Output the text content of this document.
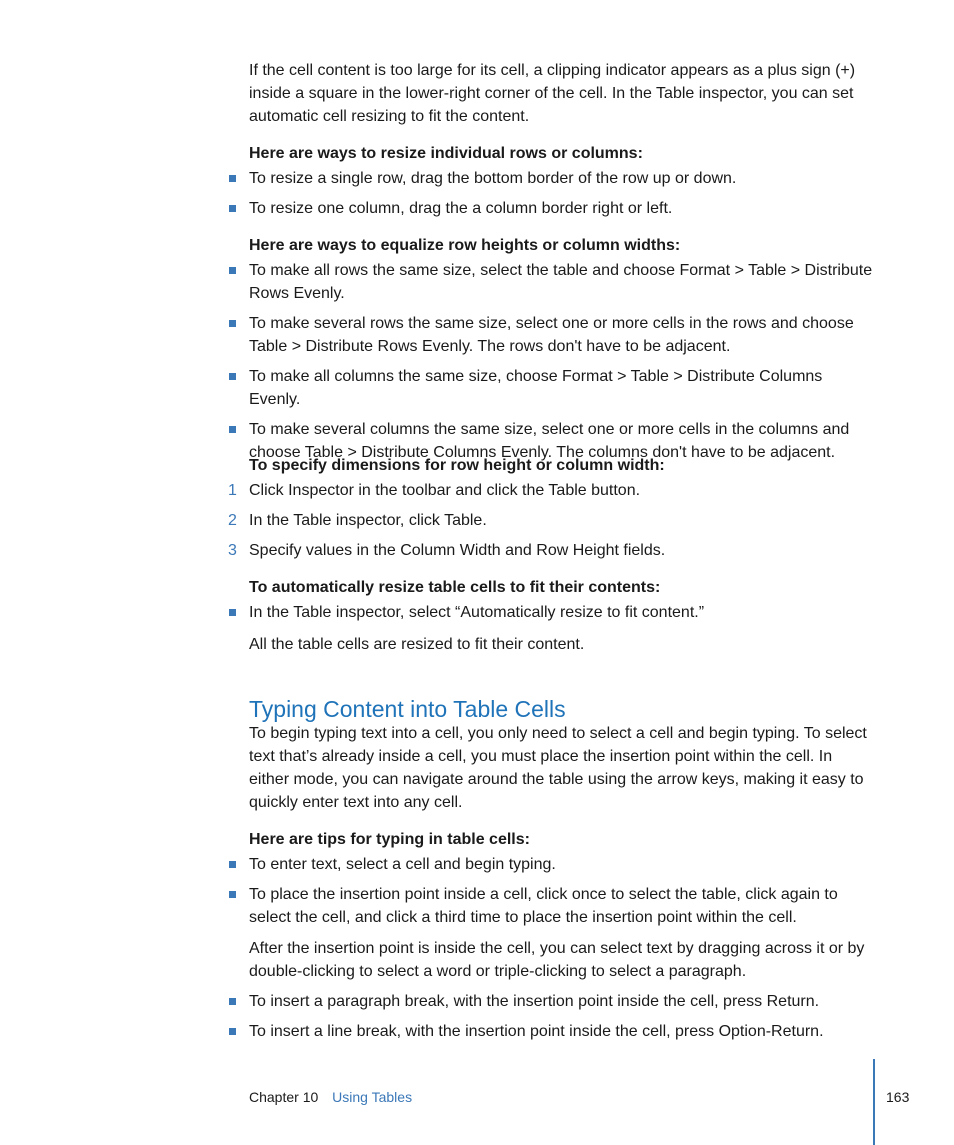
If the cell content is too large for its cell, a clipping indicator appears as a plus sign (+) inside a square in the lower-right corner of the cell. In the Table inspector, you can set automatic cell resizing to fit the content.

Here are ways to resize individual rows or columns:

To resize a single row, drag the bottom border of the row up or down.
To resize one column, drag the a column border right or left.

Here are ways to equalize row heights or column widths:

To make all rows the same size, select the table and choose Format > Table > Distribute Rows Evenly.
To make several rows the same size, select one or more cells in the rows and choose Table > Distribute Rows Evenly. The rows don't have to be adjacent.
To make all columns the same size, choose Format > Table > Distribute Columns Evenly.
To make several columns the same size, select one or more cells in the columns and choose Table > Distribute Columns Evenly. The columns don't have to be adjacent.

To specify dimensions for row height or column width:

1 Click Inspector in the toolbar and click the Table button.
2 In the Table inspector, click Table.
3 Specify values in the Column Width and Row Height fields.

To automatically resize table cells to fit their contents:

In the Table inspector, select “Automatically resize to fit content.”

All the table cells are resized to fit their content.

Typing Content into Table Cells

To begin typing text into a cell, you only need to select a cell and begin typing. To select text that’s already inside a cell, you must place the insertion point within the cell. In either mode, you can navigate around the table using the arrow keys, making it easy to quickly enter text into any cell.

Here are tips for typing in table cells:

To enter text, select a cell and begin typing.
To place the insertion point inside a cell, click once to select the table, click again to select the cell, and click a third time to place the insertion point within the cell.

After the insertion point is inside the cell, you can select text by dragging across it or by double-clicking to select a word or triple-clicking to select a paragraph.

To insert a paragraph break, with the insertion point inside the cell, press Return.
To insert a line break, with the insertion point inside the cell, press Option-Return.
Chapter 10 Using Tables	163
